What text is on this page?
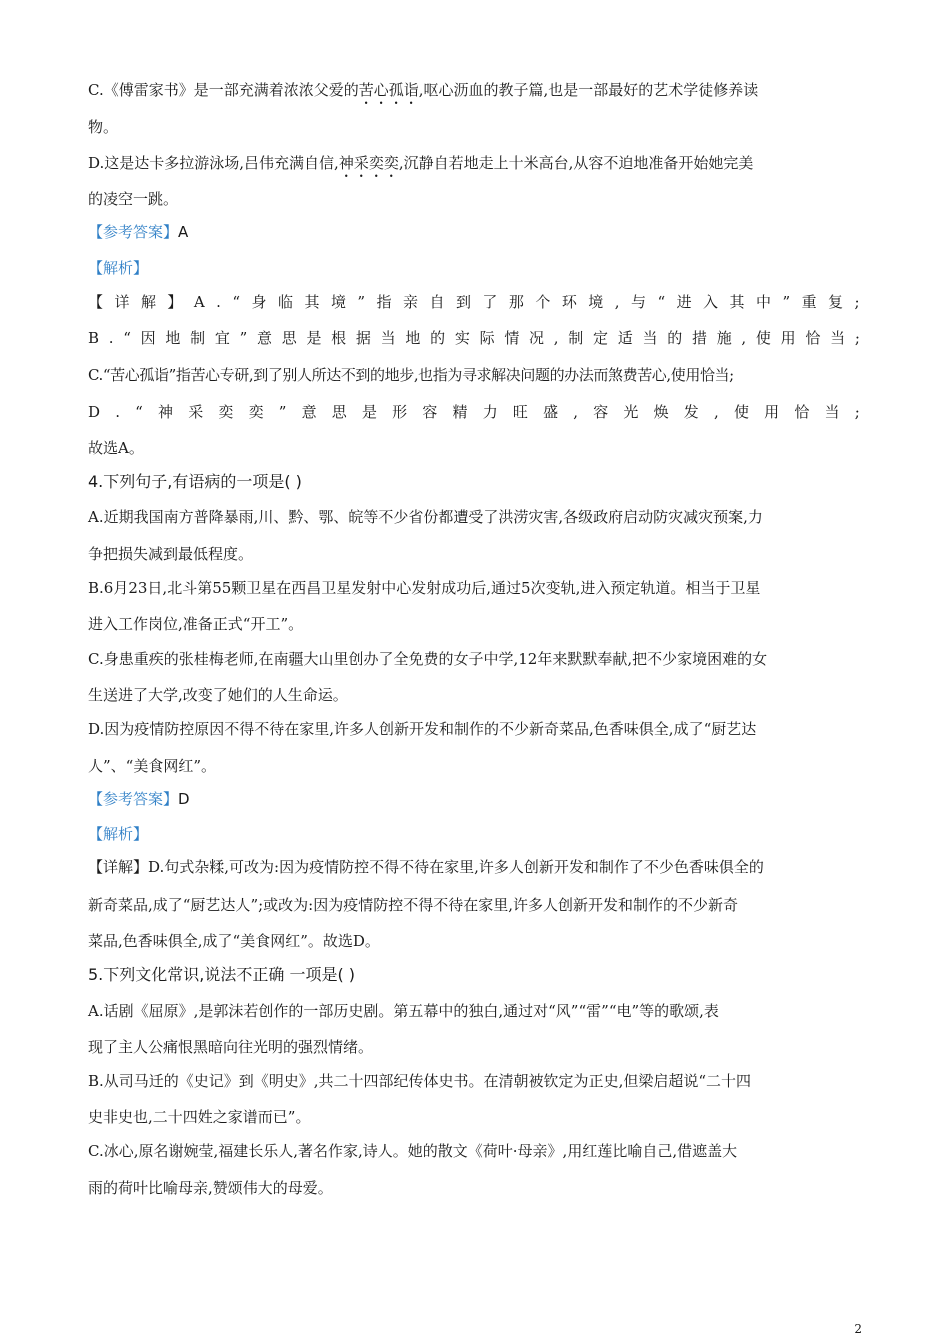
C.《傅雷家书》是一部充满着浓浓父爱的苦心孤诣,呕心沥血的教子篇,也是一部最好的艺术学徒修养读
物。
D.这是达卡多拉游泳场,吕伟充满自信,神采奕奕,沉静自若地走上十米高台,从容不迫地准备开始她完美
的凌空一跳。
【参考答案】A
【解析】
【 详 解 】 A . “ 身 临 其 境 ” 指 亲 自 到 了 那 个 环 境 , 与 “ 进 入 其 中 ” 重 复 ;
B . “ 因 地 制 宜 ” 意 思 是 根 据 当 地 的 实 际 情 况 , 制 定 适 当 的 措 施 , 使 用 恰 当 ;
C.“苦心孤诣”指苦心专研,到了别人所达不到的地步,也指为寻求解决问题的办法而煞费苦心,使用恰当;
D . “ 神 采 奕 奕 ” 意 思 是 形 容 精 力 旺 盛 , 容 光 焕 发 , 使 用 恰 当 ;
故选A。
4.下列句子,有语病的一项是( )
A.近期我国南方普降暴雨,川、黔、鄂、皖等不少省份都遭受了洪涝灾害,各级政府启动防灾减灾预案,力
争把损失减到最低程度。
B.6月23日,北斗第55颗卫星在西昌卫星发射中心发射成功后,通过5次变轨,进入预定轨道。相当于卫星
进入工作岗位,准备正式“开工”。
C.身患重疾的张桂梅老师,在南疆大山里创办了全免费的女子中学,12年来默默奉献,把不少家境困难的女
生送进了大学,改变了她们的人生命运。
D.因为疫情防控原因不得不待在家里,许多人创新开发和制作的不少新奇菜品,色香味俱全,成了“厨艺达
人”、“美食网红”。
【参考答案】D
【解析】
【详解】D.句式杂糅,可改为:因为疫情防控不得不待在家里,许多人创新开发和制作了不少色香味俱全的
新奇菜品,成了“厨艺达人”;或改为:因为疫情防控不得不待在家里,许多人创新开发和制作的不少新奇
菜品,色香味俱全,成了“美食网红”。故选D。
5.下列文化常识,说法不正确 一项是( )
A.话剧《屈原》,是郭沫若创作的一部历史剧。第五幕中的独白,通过对“风”“雷”“电”等的歌颂,表
现了主人公痛恨黑暗向往光明的强烈情绪。
B.从司马迁的《史记》到《明史》,共二十四部纪传体史书。在清朝被钦定为正史,但梁启超说“二十四
史非史也,二十四姓之家谱而已”。
C.冰心,原名谢婉莹,福建长乐人,著名作家,诗人。她的散文《荷叶·母亲》,用红莲比喻自己,借遮盖大
雨的荷叶比喻母亲,赞颂伟大的母爱。
2
